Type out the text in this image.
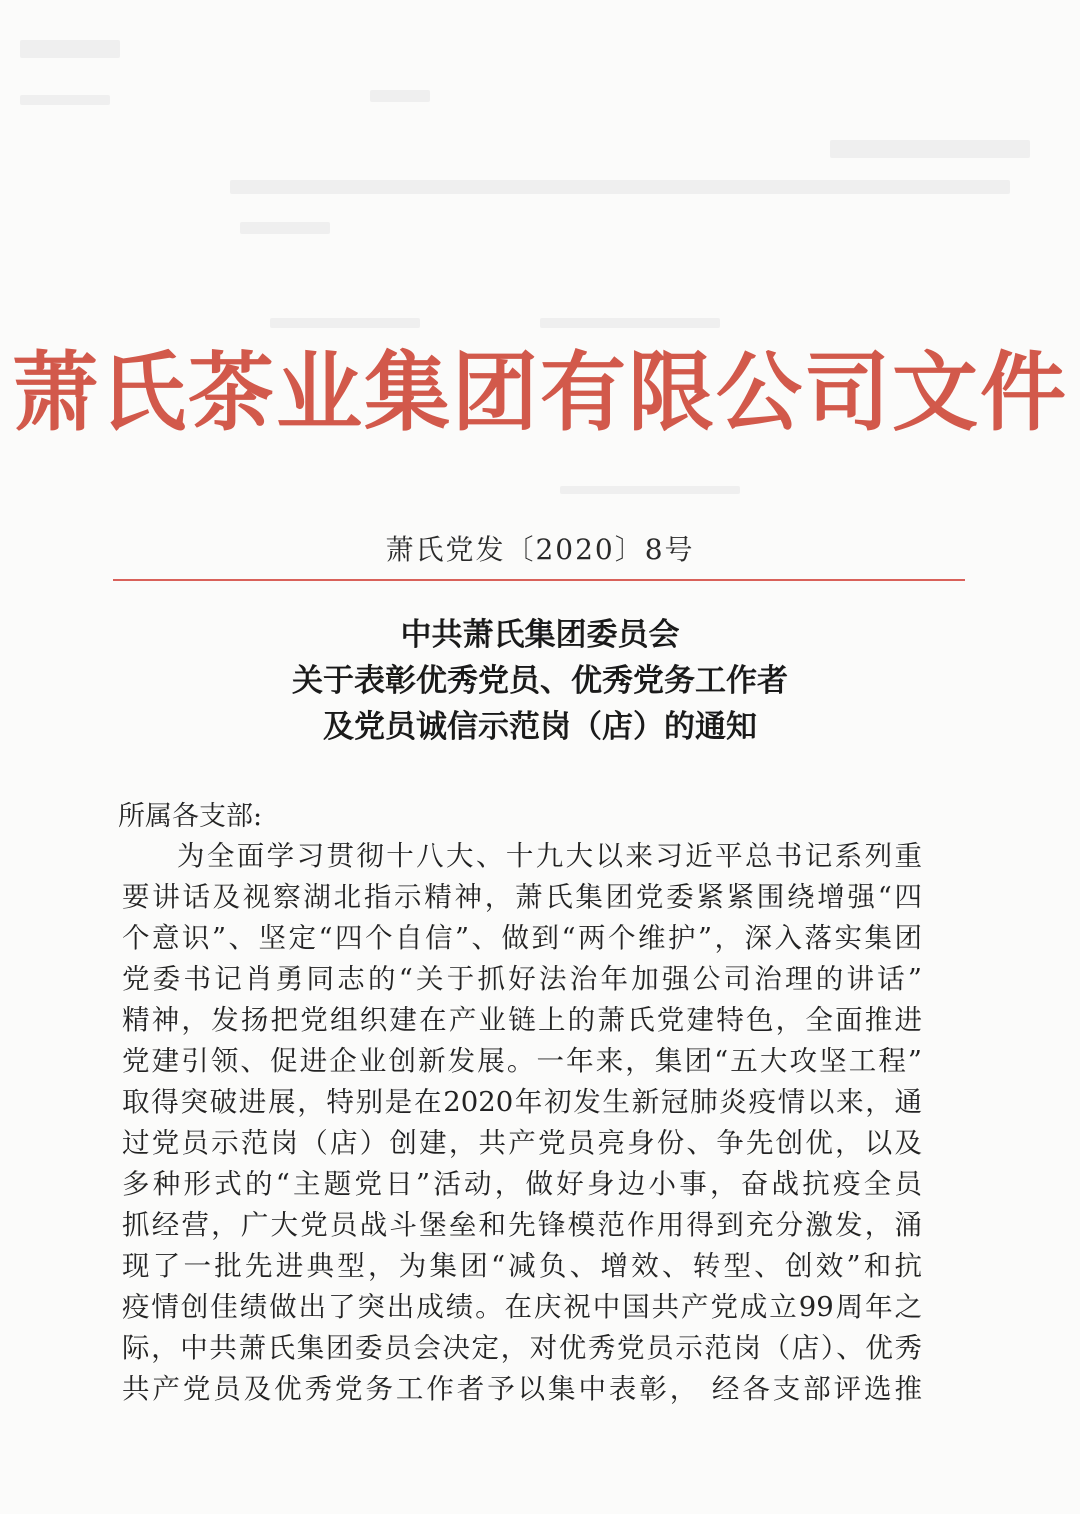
萧氏茶业集团有限公司文件
萧氏党发〔2020〕8号
中共萧氏集团委员会
关于表彰优秀党员、优秀党务工作者
及党员诚信示范岗（店）的通知
所属各支部:
为全面学习贯彻十八大、十九大以来习近平总书记系列重
要讲话及视察湖北指示精神，萧氏集团党委紧紧围绕增强“四
个意识”、坚定“四个自信”、做到“两个维护”，深入落实集团
党委书记肖勇同志的“关于抓好法治年加强公司治理的讲话”
精神，发扬把党组织建在产业链上的萧氏党建特色，全面推进
党建引领、促进企业创新发展。一年来，集团“五大攻坚工程”
取得突破进展，特别是在2020年初发生新冠肺炎疫情以来，通
过党员示范岗（店）创建，共产党员亮身份、争先创优，以及
多种形式的“主题党日”活动，做好身边小事，奋战抗疫全员
抓经营，广大党员战斗堡垒和先锋模范作用得到充分激发，涌
现了一批先进典型，为集团“减负、增效、转型、创效”和抗
疫情创佳绩做出了突出成绩。在庆祝中国共产党成立99周年之
际，中共萧氏集团委员会决定，对优秀党员示范岗（店）、优秀
共产党员及优秀党务工作者予以集中表彰， 经各支部评选推
